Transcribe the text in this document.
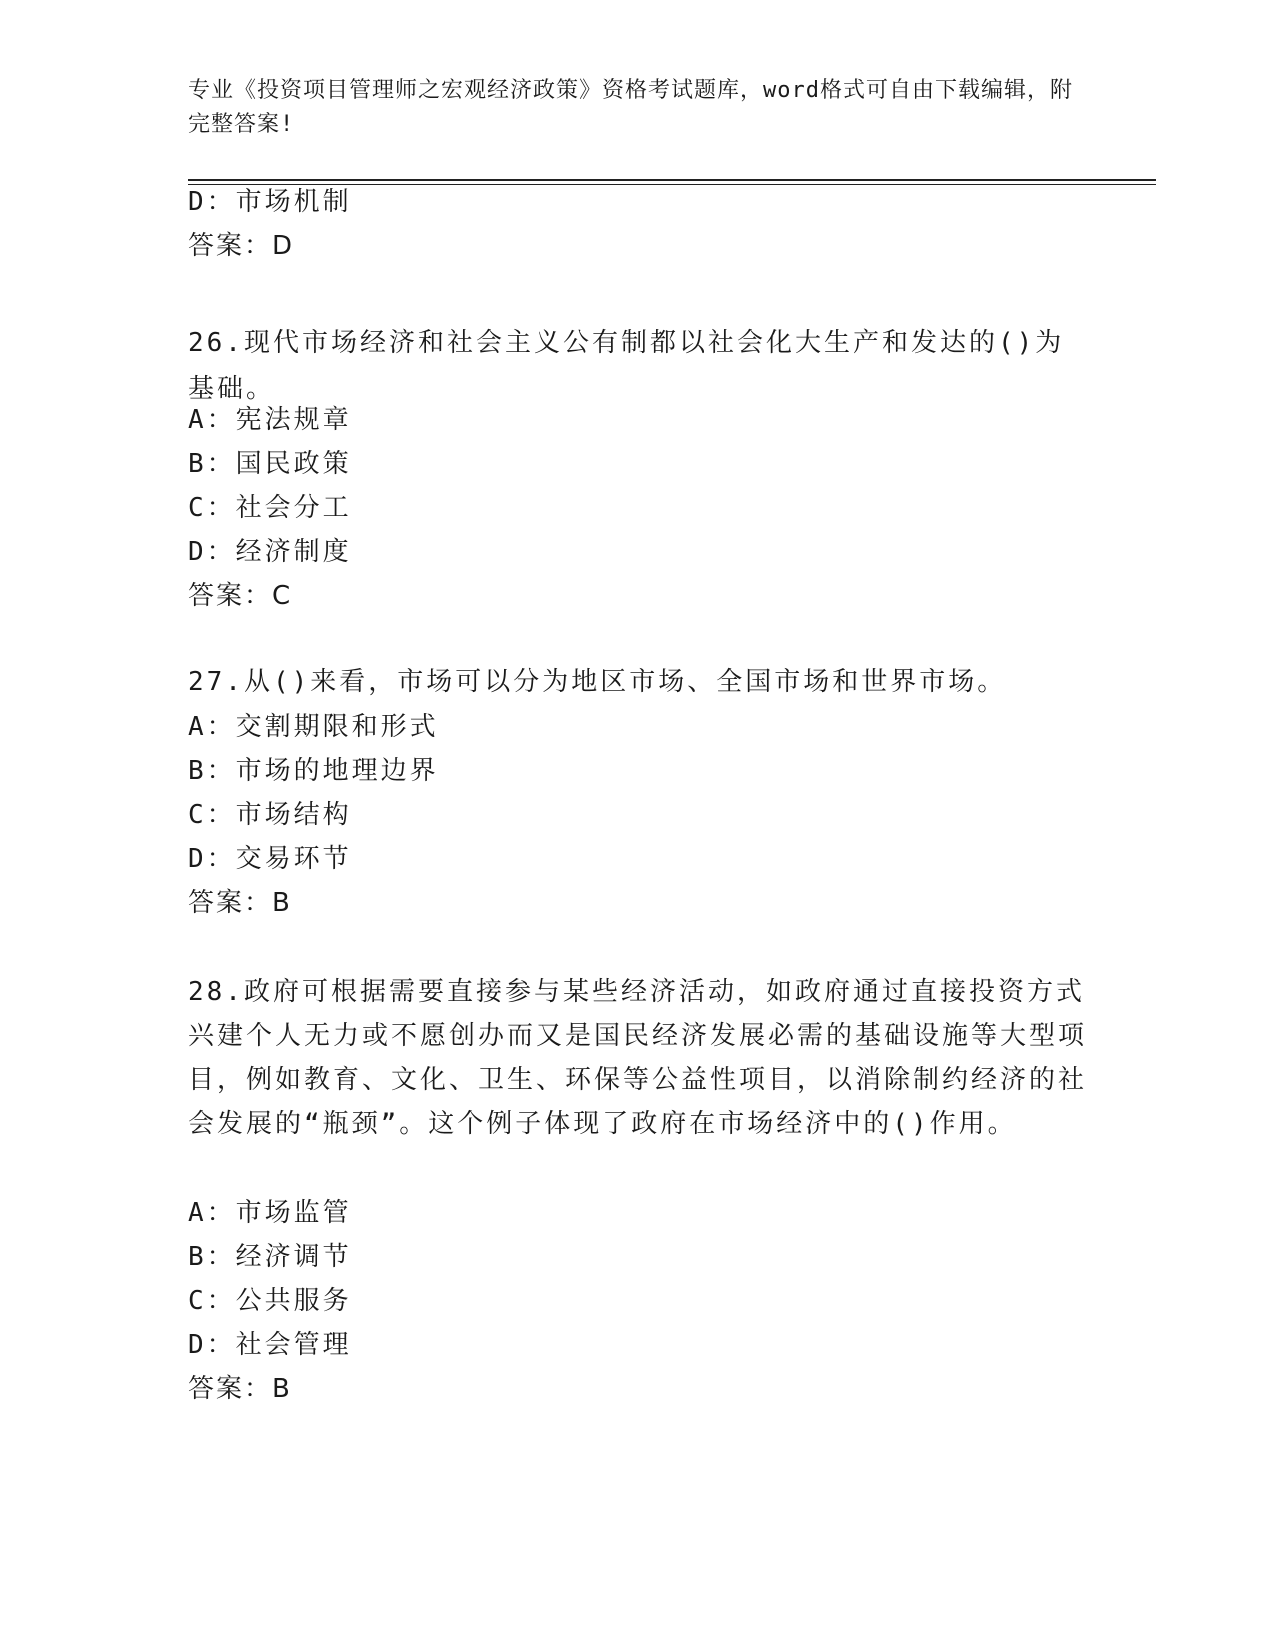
专业《投资项目管理师之宏观经济政策》资格考试题库，word格式可自由下载编辑，附完整答案!
D：市场机制
答案：D
26.现代市场经济和社会主义公有制都以社会化大生产和发达的()为基础。
A：宪法规章
B：国民政策
C：社会分工
D：经济制度
答案：C
27.从()来看，市场可以分为地区市场、全国市场和世界市场。
A：交割期限和形式
B：市场的地理边界
C：市场结构
D：交易环节
答案：B
28.政府可根据需要直接参与某些经济活动，如政府通过直接投资方式兴建个人无力或不愿创办而又是国民经济发展必需的基础设施等大型项目，例如教育、文化、卫生、环保等公益性项目，以消除制约经济的社会发展的“瓶颈”。这个例子体现了政府在市场经济中的()作用。
A：市场监管
B：经济调节
C：公共服务
D：社会管理
答案：B
